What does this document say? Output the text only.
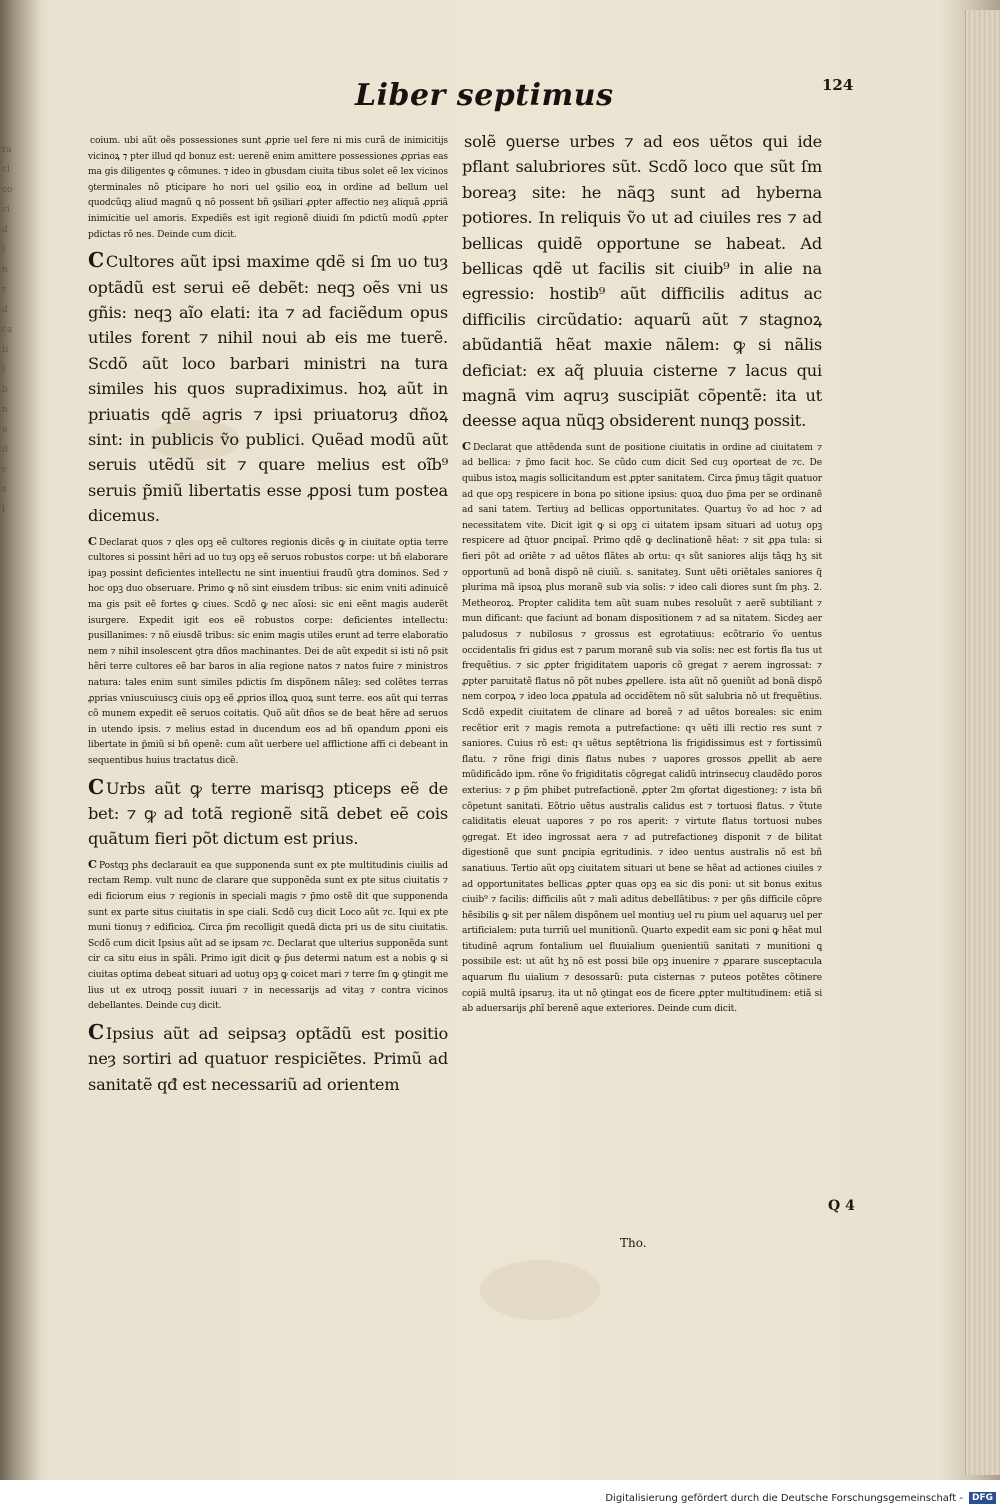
ra
cl
co
ci
d
l
n
r
d
ca
ti
l
b
n
o
d
c
s
l
Liber septimus	124

coium. ubi aũt oẽs possessiones sunt ꝓprie uel fere ni mis curã de inimicitijs vicinoꝝ ⁊ pter illud qd bonuz est: uerenẽ enim amittere possessiones ꝓprias eas ma gis diligentes ꝙ cõmunes. ⁊ ideo in gbusdam ciuita tibus solet eẽ lex vicinos ꝯterminales nõ pticipare ho nori uel ꝯsilio eoꝝ in ordine ad bellum uel quodcũqꝫ aliud magnũ ꝗ nõ possent bñ ꝯsiliari ꝓpter affectio neȝ aliquã ꝓpriã inimicitie uel amoris. Expediẽs est igit regionẽ diuidi ſm pdictũ modũ ꝓpter pdictas rõ nes. Deinde cum dicit.

C Cultores aũt ipsi maxime qdẽ si ſm uo tuȝ optãdũ est serui eẽ debẽt: neqꝫ oẽs vni us gñis: neqꝫ aĩo elati: ita ⁊ ad faciẽdum opus utiles forent ⁊ nihil noui ab eis me tuerẽ. Scdõ aũt loco barbari ministri na tura similes his quos supradiximus. hoꝝ aũt in priuatis qdẽ agris ⁊ ipsi priuatoruȝ dñoꝝ sint: in publicis ṽo publici. Quẽad modũ aũt seruis utẽdũ sit ⁊ quare melius est oĩb⁹ seruis p̃miũ libertatis esse ꝓposi tum postea dicemus.

C Declarat quos ⁊ qles opꝫ eẽ cultores regionis dicẽs ꝙ in ciuitate optia terre cultores si possint hẽri ad uo tuȝ opꝫ eẽ seruos robustos corpe: ut bñ elaborare ipaȝ possint deficientes intellectu ne sint inuentiui fraudũ ꝯtra dominos. Sed ⁊ hoc opꝫ duo obseruare. Primo ꝙ nõ sint eiusdem tribus: sic enim vniti adinuicẽ ma gis psit eẽ fortes ꝙ ciues. Scdõ ꝙ nec aĩosi: sic eni eẽnt magis auderẽt isurgere. Expedit igit eos eẽ robustos corpe: deficientes intellectu: pusillanimes: ⁊ nõ eiusdẽ tribus: sic enim magis utiles erunt ad terre elaboratio nem ⁊ nihil insolescent ꝯtra dños machinantes. Dei de aũt expedit si isti nõ psit hẽri terre cultores eẽ bar baros in alia regione natos ⁊ natos fuire ⁊ ministros natura: tales enim sunt similes pdictis ſm dispõnem nãleȝ: sed colẽtes terras ꝓprias vniuscuiuscꝫ ciuis opꝫ eẽ ꝓprios illoꝝ quoꝝ sunt terre. eos aũt qui terras cõ munem expedit eẽ seruos coitatis. Quõ aũt dños se de beat hẽre ad seruos in utendo ipsis. ⁊ melius estad in ducendum eos ad bñ opandum ꝓponi eis libertate in p̃miũ si bñ openẽ: cum aũt uerbere uel afflictione affi ci debeant in sequentibus huius tractatus dicẽ.

C Urbs aũt ꝙ terre marisqꝫ pticeps eẽ de bet: ⁊ ꝙ ad totã regionẽ sitã debet eẽ cois quãtum fieri põt dictum est prius.

C Postqꝫ phs declarauit ea que supponenda sunt ex pte multitudinis ciuilis ad rectam Remp. vult nunc de clarare que supponẽda sunt ex pte situs ciuitatis ⁊ edi ficiorum eius ⁊ regionis in speciali magis ⁊ p̃mo ostẽ dit que supponenda sunt ex parte situs ciuitatis in spe ciali. Scdõ cuȝ dicit Loco aũt ⁊c. Iqui ex pte muni tionuȝ ⁊ edificioꝝ. Circa p̃m recolligit quedã dicta pri us de situ ciuitatis. Scdõ cum dicit Ipsius aũt ad se ipsam ⁊c. Declarat que ulterius supponẽda sunt cir ca situ eius in spãli. Primo igit dicit ꝙ p̃us determi natum est a nobis ꝙ si ciuitas optima debeat situari ad uotuȝ opꝫ ꝙ coicet mari ⁊ terre ſm ꝙ ꝯtingit me lius ut ex utroqꝫ possit iuuari ⁊ in necessarijs ad vitaȝ ⁊ contra vicinos debellantes. Deinde cuȝ dicit.

C Ipsius aũt ad seipsaȝ optãdũ est positio neȝ sortiri ad quatuor respiciẽtes. Primũ ad sanitatẽ qđ est necessariũ ad orientem

solẽ ꝯuerse urbes ⁊ ad eos uẽtos qui ide pflant salubriores sũt. Scdõ loco que sũt ſm boreaȝ site: he nãqꝫ sunt ad hyberna potiores. In reliquis ṽo ut ad ciuiles res ⁊ ad bellicas quidẽ opportune se habeat. Ad bellicas qdẽ ut facilis sit ciuib⁹ in alie na egressio: hostib⁹ aũt difficilis aditus ac difficilis circũdatio: aquarũ aũt ⁊ stagnoꝝ abũdantiã hẽat maxie nãlem: ꝙ si nãlis deficiat: ex aq̃ pluuia cisterne ⁊ lacus qui magnã vim aqruȝ suscipiãt cõpentẽ: ita ut deesse aqua nũqꝫ obsiderent nunqꝫ possit.

C Declarat que attẽdenda sunt de positione ciuitatis in ordine ad ciuitatem ⁊ ad bellica: ⁊ p̃mo facit hoc. Se cũdo cum dicit Sed cuȝ oporteat de ⁊c. De quibus istoꝝ magis sollicitandum est ꝓpter sanitatem. Circa p̃muȝ tãgit quatuor ad que opꝫ respicere in bona po sitione ipsius: quoꝝ duo p̃ma per se ordinanẽ ad sani tatem. Tertiuȝ ad bellicas opportunitates. Quartuȝ ṽo ad hoc ⁊ ad necessitatem vite. Dicit igit ꝙ si opꝫ ci uitatem ipsam situari ad uotuȝ opꝫ respicere ad q̃tuor ꝑncipaĩ. Primo qdẽ ꝙ declinationẽ hẽat: ⁊ sit ꝓpa tula: si fieri põt ad oriẽte ⁊ ad uẽtos flãtes ab ortu: qꝛ sũt saniores alijs tãqꝫ hʒ sit opportunũ ad bonã dispõ nẽ ciuiũ. s. sanitateȝ. Sunt uẽti oriẽtales saniores q̃ plurima mã ipsoꝝ plus moranẽ sub via solis: ⁊ ideo cali diores sunt ſm phȝ. 2. Metheoroꝝ. Propter calidita tem aũt suam nubes resoluũt ⁊ aerẽ subtiliant ⁊ mun dificant: que faciunt ad bonam dispositionem ⁊ ad sa nitatem. Sicdeȝ aer paludosus ⁊ nubilosus ⁊ grossus est egrotatiuus: ecõtrario ṽo uentus occidentalis fri gidus est ⁊ parum moranẽ sub via solis: nec est fortis fla tus ut frequẽtius. ⁊ sic ꝓpter frigiditatem uaporis cõ gregat ⁊ aerem ingrossat: ⁊ ꝓpter paruitatẽ flatus nõ põt nubes ꝓpellere. ista aũt nõ ꝯueniũt ad bonã dispõ nem corpoꝝ ⁊ ideo loca ꝓpatula ad occidẽtem nõ sũt salubria nõ ut frequẽtius. Scdõ expedit ciuitatem de clinare ad boreã ⁊ ad uẽtos boreales: sic enim recẽtior erit ⁊ magis remota a putrefactione: qꝛ uẽti illi rectio res sunt ⁊ saniores. Cuius rõ est: qꝛ uẽtus septẽtriona lis frigidissimus est ⁊ fortissimũ flatu. ⁊ rõne frigi dinis flatus nubes ⁊ uapores grossos ꝓpellit ab aere mũdificãdo ipm. rõne ṽo frigiditatis cõgregat calidũ intrinsecuȝ claudẽdo poros exterius: ⁊ ꝑ p̃m phibet putrefactionẽ. ꝓpter 2m ꝯfortat digestioneȝ: ⁊ ista bñ cõpetunt sanitati. Eõtrio uẽtus australis calidus est ⁊ tortuosi flatus. ⁊ ṽtute caliditatis eleuat uapores ⁊ po ros aperit: ⁊ virtute flatus tortuosi nubes ꝯgregat. Et ideo ingrossat aera ⁊ ad putrefactioneȝ disponit ⁊ de bilitat digestionẽ que sunt ꝑncipia egritudinis. ⁊ ideo uentus australis nõ est bñ sanatiuus. Tertio aũt opꝫ ciuitatem situari ut bene se hẽat ad actiones ciuiles ⁊ ad opportunitates bellicas ꝓpter quas opꝫ ea sic dis poni: ut sit bonus exitus ciuib⁹ ⁊ facilis: difficilis aũt ⁊ mali aditus debellãtibus: ⁊ per ꝯñs difficile cõpre hẽsibilis ꝙ sit per nãlem dispõnem uel montiuȝ uel ru pium uel aquaruȝ uel per artificialem: puta turriũ uel munitionũ. Quarto expedit eam sic poni ꝙ hẽat mul titudinẽ aqrum fontalium uel fluuialium ꝯuenientiũ sanitati ⁊ munitioni ꝗ possibile est: ut aũt hʒ nõ est possi bile opꝫ inuenire ⁊ ꝓparare susceptacula aquarum flu uialium ⁊ desossarũ: puta cisternas ⁊ puteos potẽtes cõtinere copiã multã ipsaruȝ. ita ut nõ ꝯtingat eos de ficere ꝓpter multitudinem: etiã si ab aduersarijs ꝓhĩ berenẽ aque exteriores. Deinde cum dicit.

Q 4
Tho.
Digitalisierung gefördert durch die Deutsche Forschungsgemeinschaft -	DFG
